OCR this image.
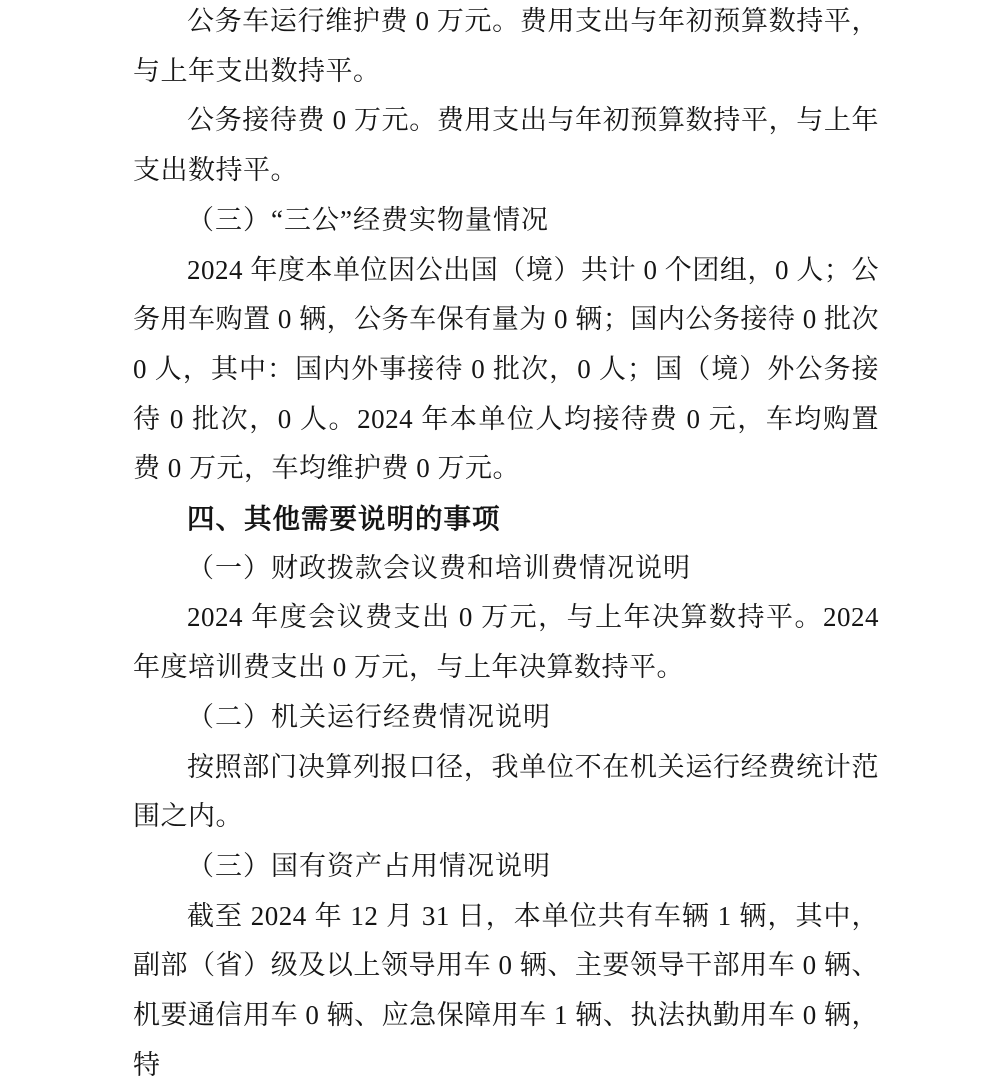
公务车运行维护费 0 万元。费用支出与年初预算数持平，与上年支出数持平。

公务接待费 0 万元。费用支出与年初预算数持平，与上年支出数持平。

（三）“三公”经费实物量情况

2024 年度本单位因公出国（境）共计 0 个团组，0 人；公务用车购置 0 辆，公务车保有量为 0 辆；国内公务接待 0 批次 0 人，其中：国内外事接待 0 批次，0 人；国（境）外公务接待 0 批次，0 人。2024 年本单位人均接待费 0 元，车均购置费 0 万元，车均维护费 0 万元。

四、其他需要说明的事项

（一）财政拨款会议费和培训费情况说明

2024 年度会议费支出 0 万元，与上年决算数持平。2024 年度培训费支出 0 万元，与上年决算数持平。

（二）机关运行经费情况说明

按照部门决算列报口径，我单位不在机关运行经费统计范围之内。

（三）国有资产占用情况说明

截至 2024 年 12 月 31 日，本单位共有车辆 1 辆，其中，副部（省）级及以上领导用车 0 辆、主要领导干部用车 0 辆、机要通信用车 0 辆、应急保障用车 1 辆、执法执勤用车 0 辆，特
